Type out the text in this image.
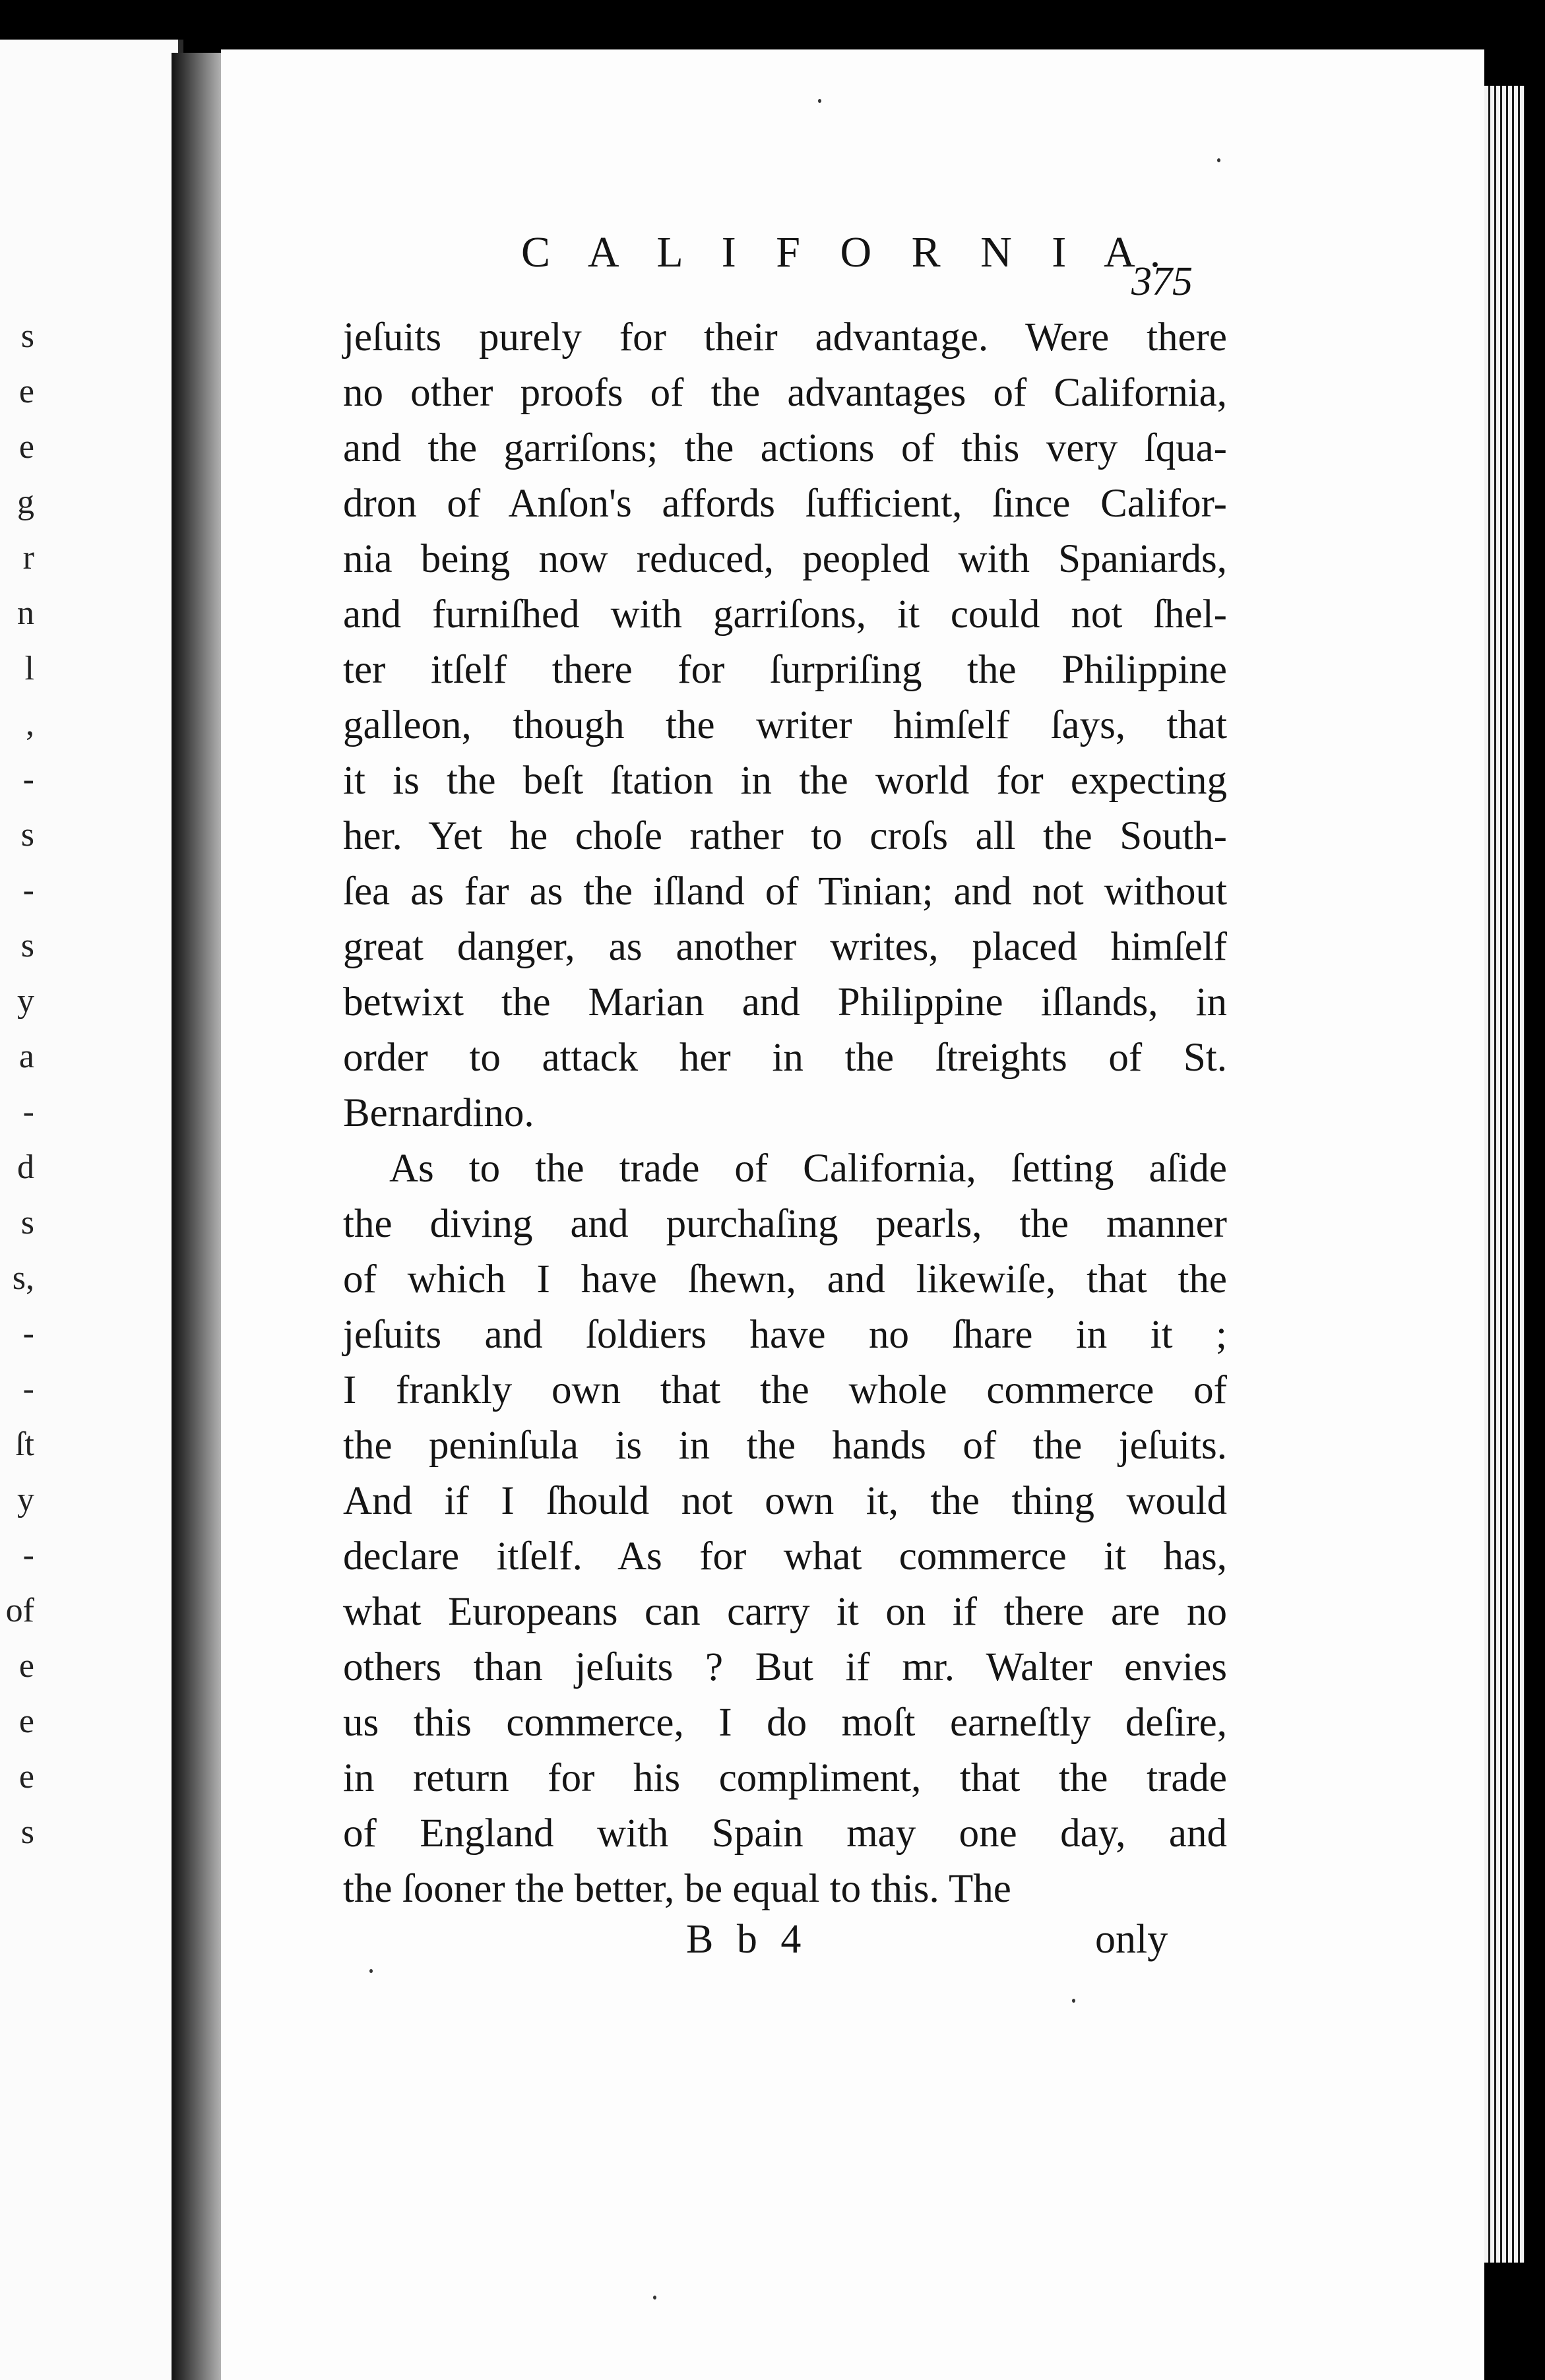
s
e
e
g
r
n
l
,
-
s
-
s
y
a
-
d
s
s,
-
-
ſt
y
-
of
e
e
e
s
C A L I F O R N I A.
375
jeſuits purely for their advantage. Were there
no other proofs of the advantages of California,
and the garriſons; the actions of this very ſqua-
dron of Anſon's affords ſufficient, ſince Califor-
nia being now reduced, peopled with Spaniards,
and furniſhed with garriſons, it could not ſhel-
ter itſelf there for ſurpriſing the Philippine
galleon, though the writer himſelf ſays, that
it is the beſt ſtation in the world for expecting
her. Yet he choſe rather to croſs all the South-
ſea as far as the iſland of Tinian; and not without
great danger, as another writes, placed himſelf
betwixt the Marian and Philippine iſlands, in
order to attack her in the ſtreights of St.
Bernardino.
As to the trade of California, ſetting aſide
the diving and purchaſing pearls, the manner
of which I have ſhewn, and likewiſe, that the
jeſuits and ſoldiers have no ſhare in it ;
I frankly own that the whole commerce of
the peninſula is in the hands of the jeſuits.
And if I ſhould not own it, the thing would
declare itſelf. As for what commerce it has,
what Europeans can carry it on if there are no
others than jeſuits ? But if mr. Walter envies
us this commerce, I do moſt earneſtly deſire,
in return for his compliment, that the trade
of England with Spain may one day, and
the ſooner the better, be equal to this. The
B b 4	only
